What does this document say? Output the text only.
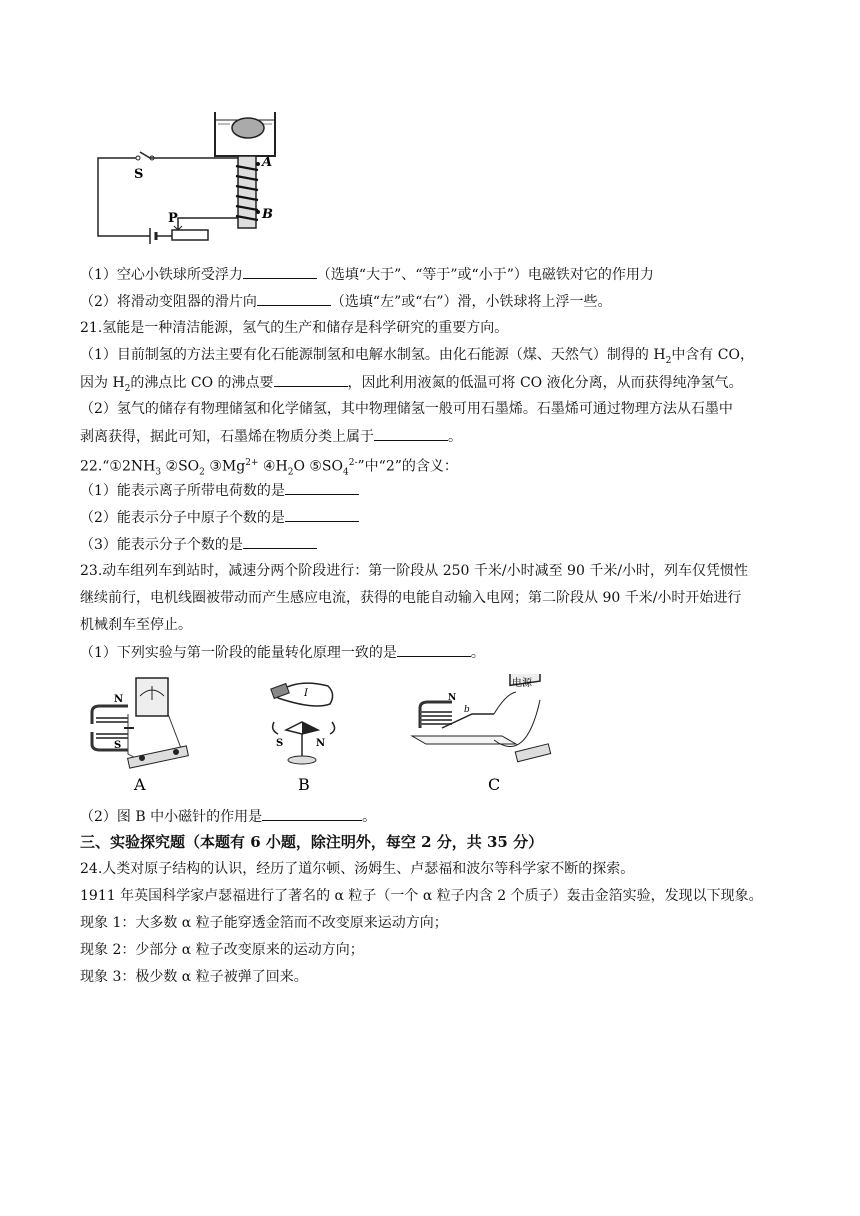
A
B
S
P
（1）空心小铁球所受浮力	（选填“大于”、“等于”或“小于”）电磁铁对它的作用力
（2）将滑动变阻器的滑片向	（选填“左”或“右”）滑，小铁球将上浮一些。
21.氢能是一种清洁能源，氢气的生产和储存是科学研究的重要方向。
（1）目前制氢的方法主要有化石能源制氢和电解水制氢。由化石能源（煤、天然气）制得的 $H_2$中含有 CO，
因为 $H_2$的沸点比 CO 的沸点要	，因此利用液氮的低温可将 CO 液化分离，从而获得纯净氢气。
（2）氢气的储存有物理储氢和化学储氢，其中物理储氢一般可用石墨烯。石墨烯可通过物理方法从石墨中
剥离获得，据此可知，石墨烯在物质分类上属于	。
$22.“①2NH_3$ $②SO_2$ $③Mg^{2+}$ $④H_2O$ $⑤SO_4^{2-}$”中“2”的含义：
（1）能表示离子所带电荷数的是
（2）能表示分子中原子个数的是
（3）能表示分子个数的是
23.动车组列车到站时，减速分两个阶段进行：第一阶段从 250 千米/小时减至 90 千米/小时，列车仅凭惯性
继续前行，电机线圈被带动而产生感应电流，获得的电能自动输入电网；第二阶段从 90 千米/小时开始进行
机械刹车至停止。
（1）下列实验与第一阶段的能量转化原理一致的是	。
N
S
A
I
S	N
B
电源
N
b
C
（2）图 B 中小磁针的作用是	。
三、实验探究题（本题有 6 小题，除注明外，每空 2 分，共 35 分）
24.人类对原子结构的认识，经历了道尔顿、汤姆生、卢瑟福和波尔等科学家不断的探索。
1911 年英国科学家卢瑟福进行了著名的 α 粒子（一个 α 粒子内含 2 个质子）轰击金箔实验，发现以下现象。
现象 1：大多数 α 粒子能穿透金箔而不改变原来运动方向；
现象 2：少部分 α 粒子改变原来的运动方向；
现象 3：极少数 α 粒子被弹了回来。
